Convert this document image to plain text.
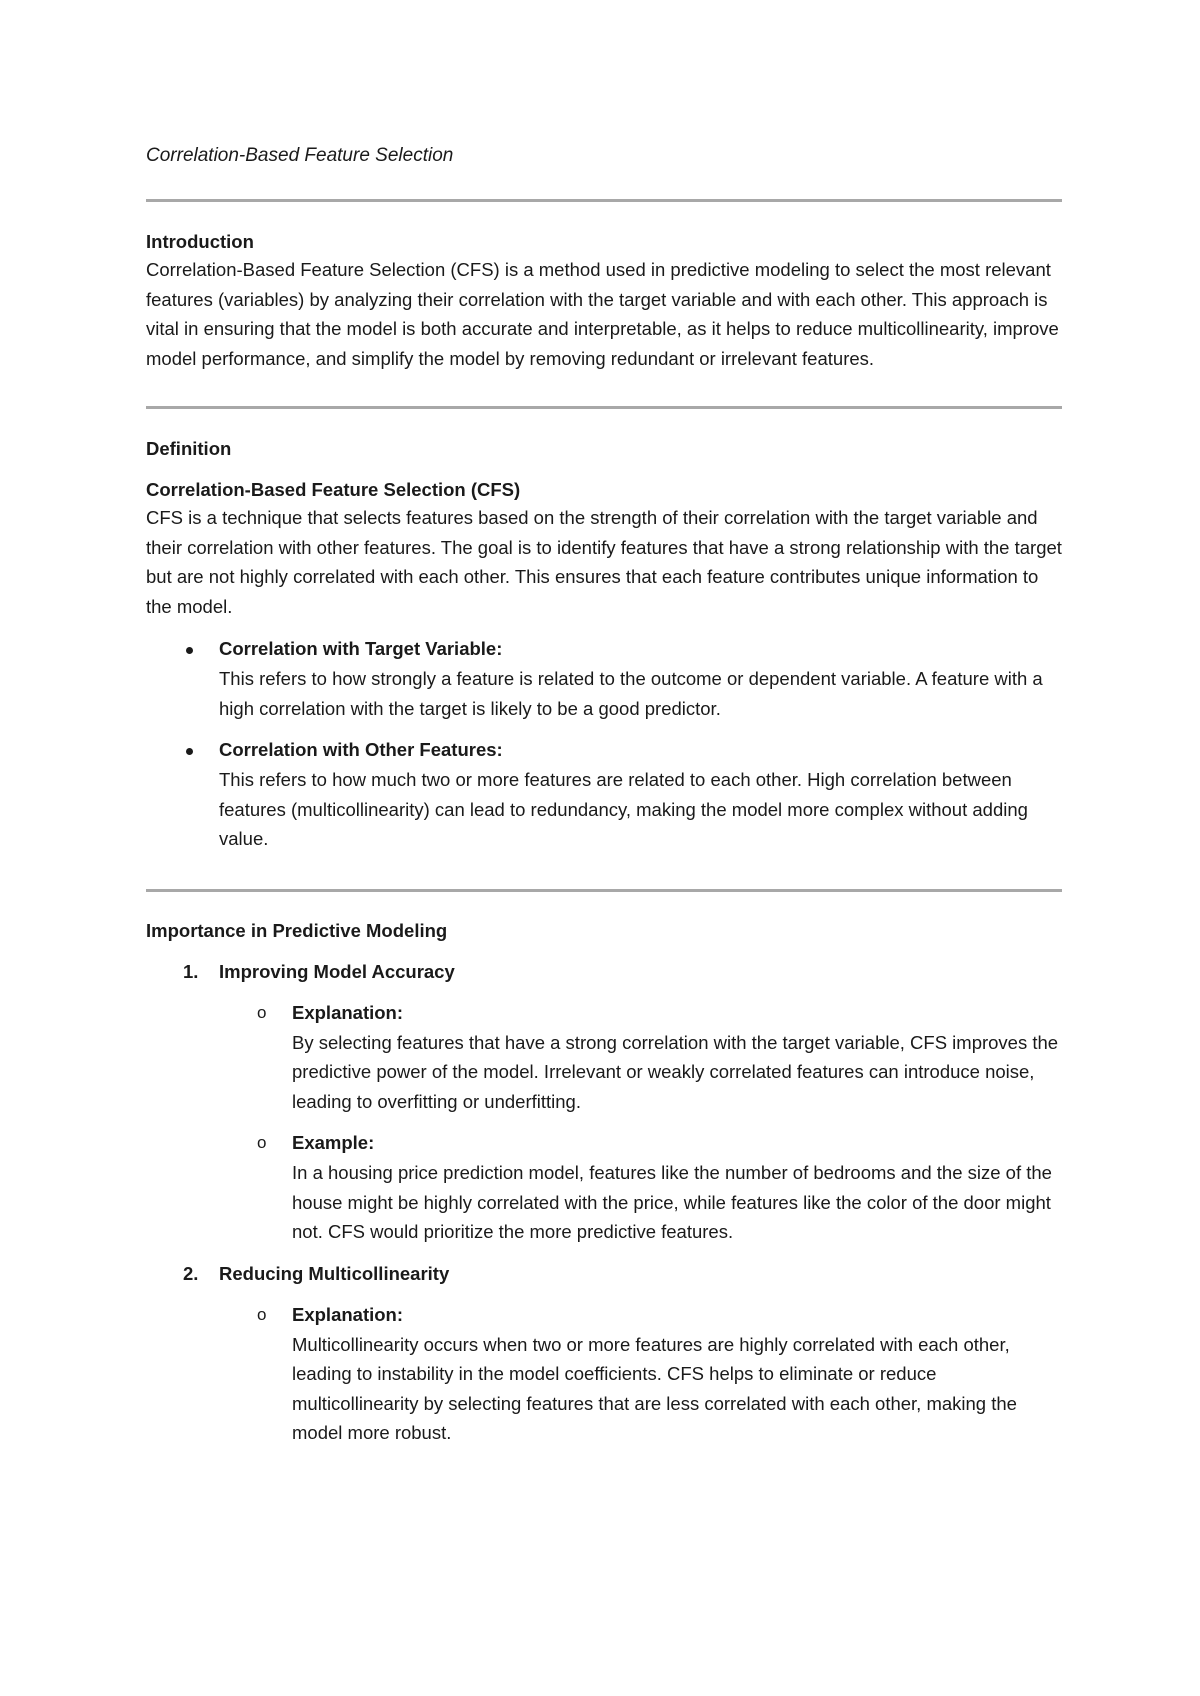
Correlation-Based Feature Selection
Introduction

Correlation-Based Feature Selection (CFS) is a method used in predictive modeling to select the most relevant features (variables) by analyzing their correlation with the target variable and with each other. This approach is vital in ensuring that the model is both accurate and interpretable, as it helps to reduce multicollinearity, improve model performance, and simplify the model by removing redundant or irrelevant features.

Definition
Correlation-Based Feature Selection (CFS)

CFS is a technique that selects features based on the strength of their correlation with the target variable and their correlation with other features. The goal is to identify features that have a strong relationship with the target but are not highly correlated with each other. This ensures that each feature contributes unique information to the model.

Correlation with Target Variable:
This refers to how strongly a feature is related to the outcome or dependent variable. A feature with a high correlation with the target is likely to be a good predictor.
Correlation with Other Features:
This refers to how much two or more features are related to each other. High correlation between features (multicollinearity) can lead to redundancy, making the model more complex without adding value.
Importance in Predictive Modeling
1. Improving Model Accuracy
o Explanation:
By selecting features that have a strong correlation with the target variable, CFS improves the predictive power of the model. Irrelevant or weakly correlated features can introduce noise, leading to overfitting or underfitting.
o Example:
In a housing price prediction model, features like the number of bedrooms and the size of the house might be highly correlated with the price, while features like the color of the door might not. CFS would prioritize the more predictive features.
2. Reducing Multicollinearity
o Explanation:
Multicollinearity occurs when two or more features are highly correlated with each other, leading to instability in the model coefficients. CFS helps to eliminate or reduce multicollinearity by selecting features that are less correlated with each other, making the model more robust.
